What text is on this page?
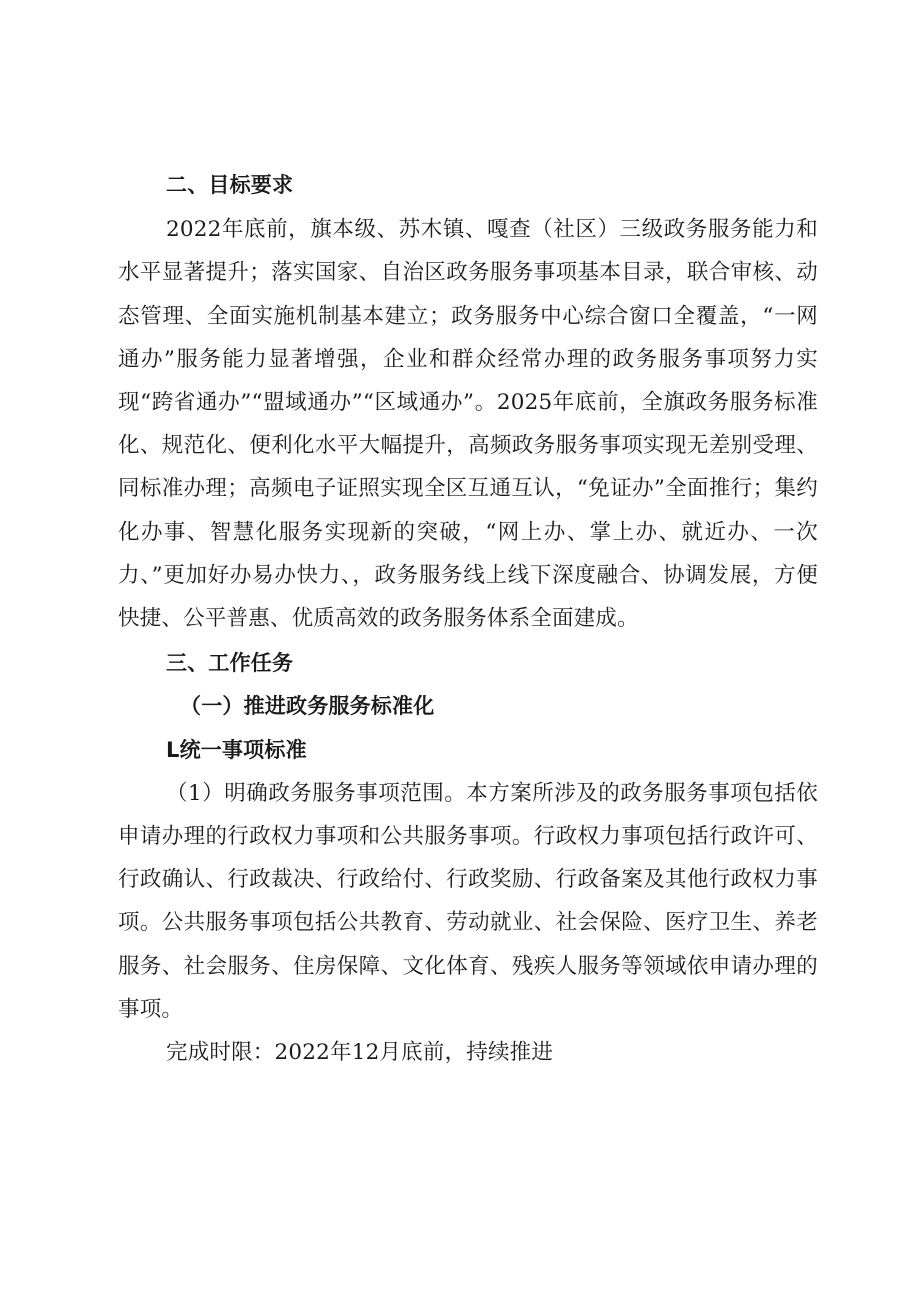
二、目标要求

2022年底前，旗本级、苏木镇、嘎查（社区）三级政务服务能力和水平显著提升；落实国家、自治区政务服务事项基本目录，联合审核、动态管理、全面实施机制基本建立；政务服务中心综合窗口全覆盖，“一网通办”服务能力显著增强，企业和群众经常办理的政务服务事项努力实现“跨省通办”“盟域通办”“区域通办”。2025年底前，全旗政务服务标准化、规范化、便利化水平大幅提升，高频政务服务事项实现无差别受理、同标准办理；高频电子证照实现全区互通互认，“免证办”全面推行；集约化办事、智慧化服务实现新的突破，“网上办、掌上办、就近办、一次力、”更加好办易办快力、，政务服务线上线下深度融合、协调发展，方便快捷、公平普惠、优质高效的政务服务体系全面建成。

三、工作任务

（一）推进政务服务标准化

L统一事项标准

（1）明确政务服务事项范围。本方案所涉及的政务服务事项包括依申请办理的行政权力事项和公共服务事项。行政权力事项包括行政许可、行政确认、行政裁决、行政给付、行政奖励、行政备案及其他行政权力事项。公共服务事项包括公共教育、劳动就业、社会保险、医疗卫生、养老服务、社会服务、住房保障、文化体育、残疾人服务等领域依申请办理的事项。

完成时限：2022年12月底前，持续推进
